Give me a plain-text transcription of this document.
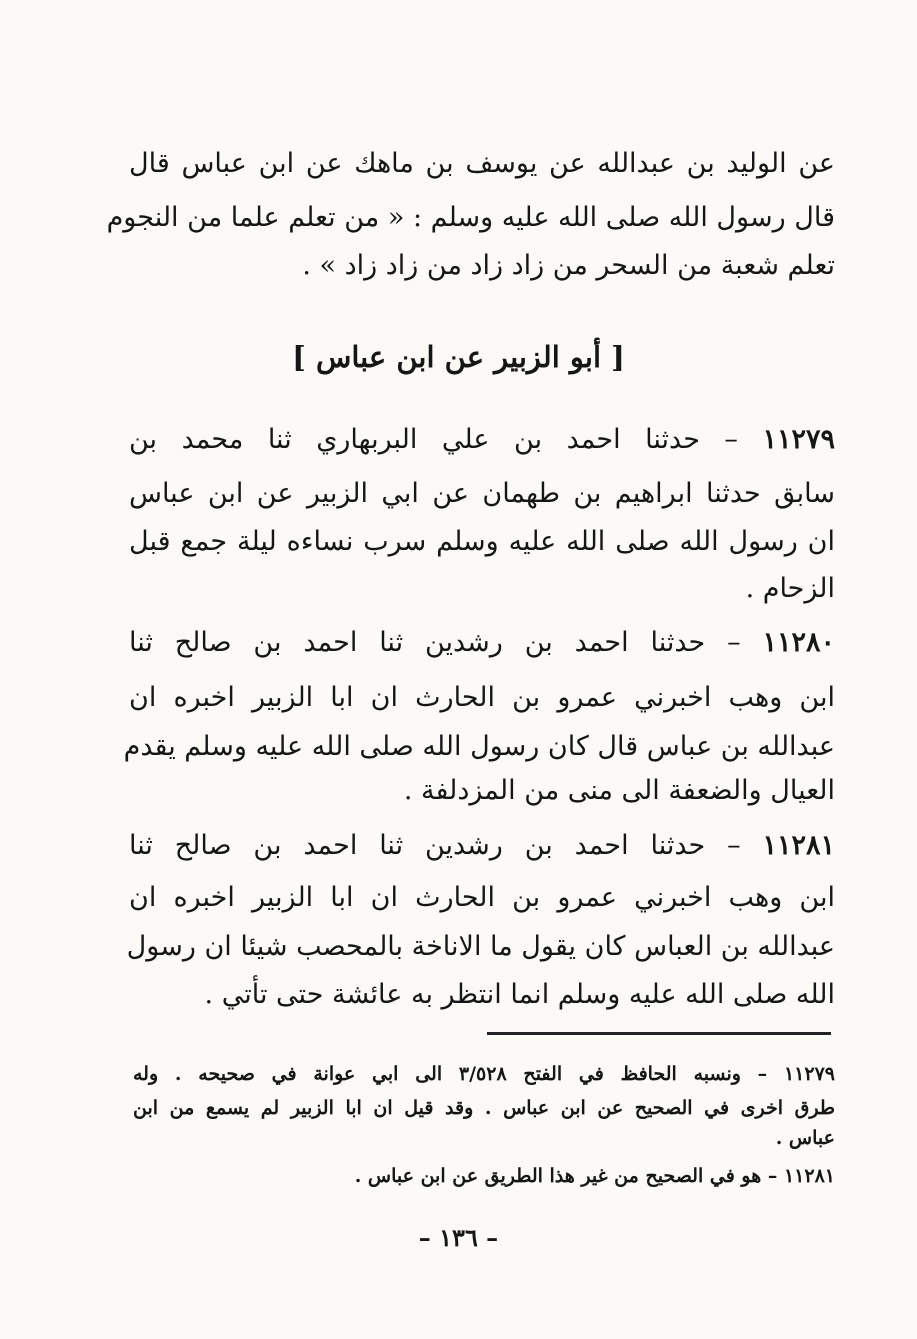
عن الوليد بن عبدالله عن يوسف بن ماهك عن ابن عباس قال
قال رسول الله صلى الله عليه وسلم : « من تعلم علما من النجوم
تعلم شعبة من السحر من زاد زاد من زاد زاد » .
[ أبو الزبير عن ابن عباس ]
١١٢٧٩ – حدثنا احمد بن علي البربهاري ثنا محمد بن
سابق حدثنا ابراهيم بن طهمان عن ابي الزبير عن ابن عباس
ان رسول الله صلى الله عليه وسلم سرب نساءه ليلة جمع قبل
الزحام .
١١٢٨٠ – حدثنا احمد بن رشدين ثنا احمد بن صالح ثنا
ابن وهب اخبرني عمرو بن الحارث ان ابا الزبير اخبره ان
عبدالله بن عباس قال كان رسول الله صلى الله عليه وسلم يقدم
العيال والضعفة الى منى من المزدلفة .
١١٢٨١ – حدثنا احمد بن رشدين ثنا احمد بن صالح ثنا
ابن وهب اخبرني عمرو بن الحارث ان ابا الزبير اخبره ان
عبدالله بن العباس كان يقول ما الاناخة بالمحصب شيئا ان رسول
الله صلى الله عليه وسلم انما انتظر به عائشة حتى تأتي .
١١٢٧٩ – ونسبه الحافظ في الفتح ٣/٥٢٨ الى ابي عوانة في صحيحه . وله
طرق اخرى في الصحيح عن ابن عباس . وقد قيل ان ابا الزبير لم يسمع من ابن
عباس .
١١٢٨١ – هو في الصحيح من غير هذا الطريق عن ابن عباس .
– ١٣٦ –
